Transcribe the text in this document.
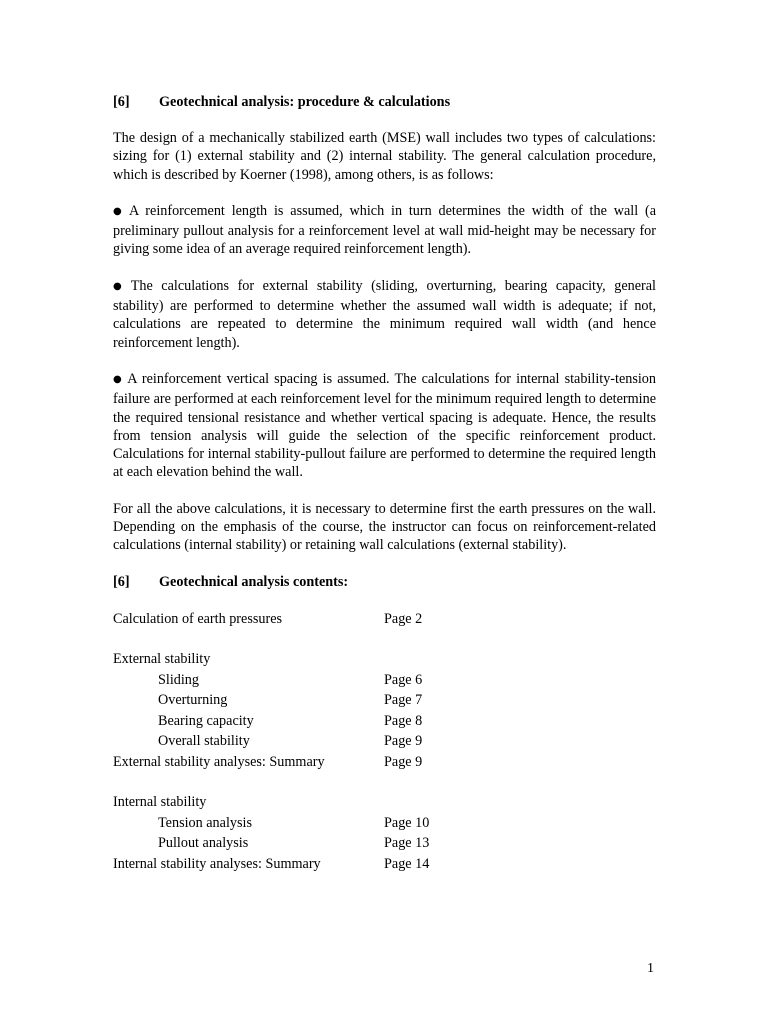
[6] Geotechnical analysis: procedure & calculations

The design of a mechanically stabilized earth (MSE) wall includes two types of calculations: sizing for (1) external stability and (2) internal stability. The general calculation procedure, which is described by Koerner (1998), among others, is as follows:

● A reinforcement length is assumed, which in turn determines the width of the wall (a preliminary pullout analysis for a reinforcement level at wall mid-height may be necessary for giving some idea of an average required reinforcement length).

● The calculations for external stability (sliding, overturning, bearing capacity, general stability) are performed to determine whether the assumed wall width is adequate; if not, calculations are repeated to determine the minimum required wall width (and hence reinforcement length).

● A reinforcement vertical spacing is assumed. The calculations for internal stability-tension failure are performed at each reinforcement level for the minimum required length to determine the required tensional resistance and whether vertical spacing is adequate. Hence, the results from tension analysis will guide the selection of the specific reinforcement product. Calculations for internal stability-pullout failure are performed to determine the required length at each elevation behind the wall.

For all the above calculations, it is necessary to determine first the earth pressures on the wall. Depending on the emphasis of the course, the instructor can focus on reinforcement-related calculations (internal stability) or retaining wall calculations (external stability).

[6] Geotechnical analysis contents:
Calculation of earth pressures	Page 2
External stability
Sliding	Page 6
Overturning	Page 7
Bearing capacity	Page 8
Overall stability	Page 9
External stability analyses: Summary	Page 9
Internal stability
Tension analysis	Page 10
Pullout analysis	Page 13
Internal stability analyses: Summary	Page 14
1
